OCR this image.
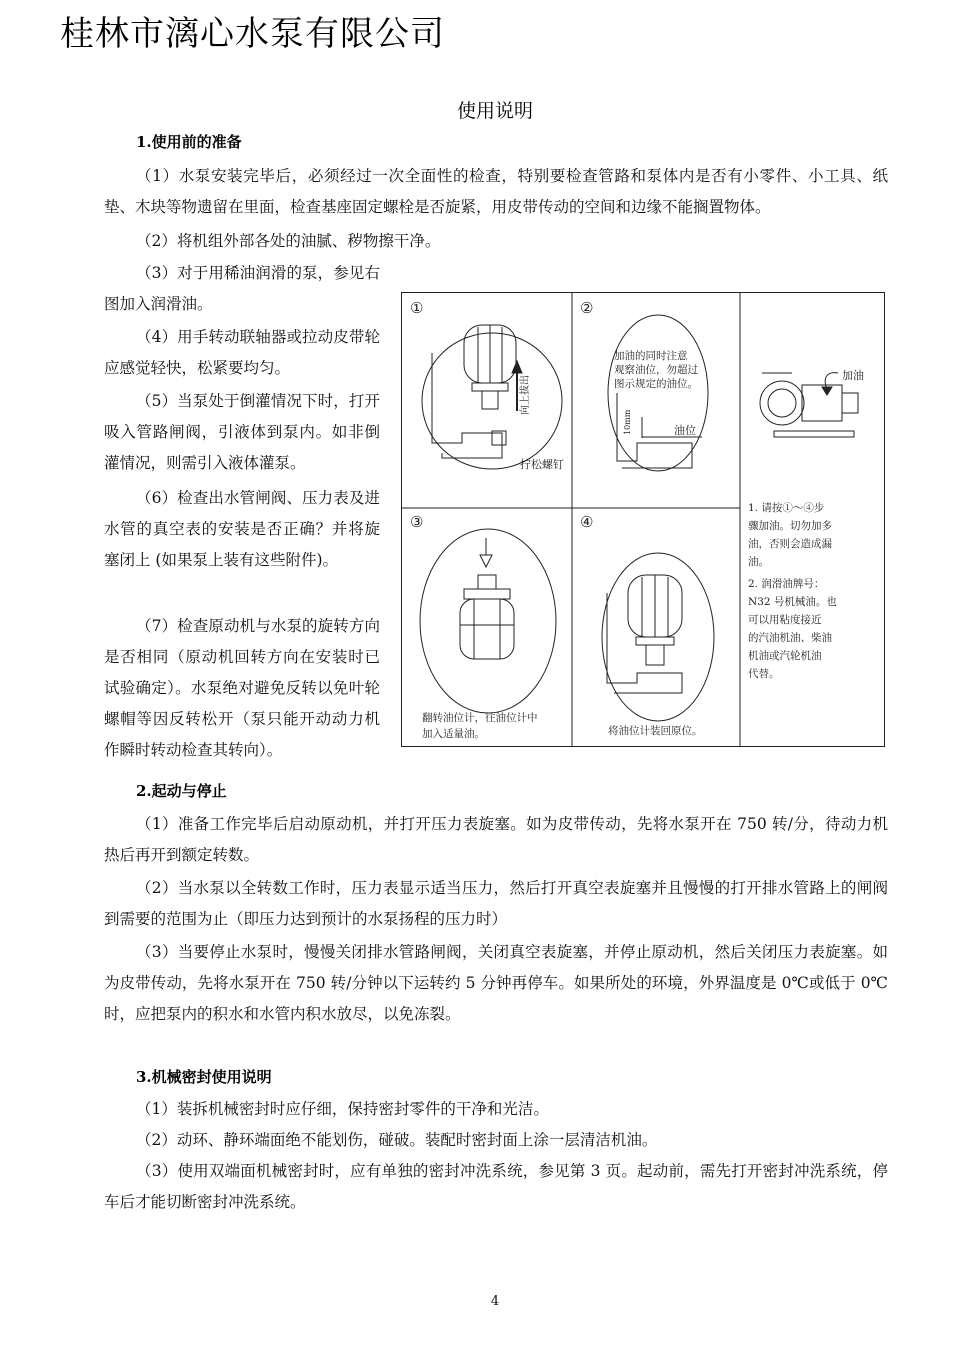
桂林市漓心水泵有限公司
使用说明
1.使用前的准备
（1）水泵安装完毕后，必须经过一次全面性的检查，特别要检查管路和泵体内是否有小零件、小工具、纸垫、木块等物遗留在里面，检查基座固定螺栓是否旋紧，用皮带传动的空间和边缘不能搁置物体。
（2）将机组外部各处的油腻、秽物擦干净。
（3）对于用稀油润滑的泵，参见右图加入润滑油。
（4）用手转动联轴器或拉动皮带轮应感觉轻快，松紧要均匀。
（5）当泵处于倒灌情况下时，打开吸入管路闸阀，引液体到泵内。如非倒灌情况，则需引入液体灌泵。
（6）检查出水管闸阀、压力表及进水管的真空表的安装是否正确？并将旋塞闭上 (如果泵上装有这些附件)。
（7）检查原动机与水泵的旋转方向是否相同（原动机回转方向在安装时已试验确定）。水泵绝对避免反转以免叶轮螺帽等因反转松开（泵只能开动动力机作瞬时转动检查其转向）。
①
向上拔出
拧松螺钉
②
加油的同时注意 观察油位，勿超过 图示规定的油位。
10mm	油位
加油
1. 请按①～④步 骤加油。切勿加多 油，否则会造成漏 油。 2. 润滑油牌号： N32 号机械油。也 可以用粘度接近 的汽油机油、柴油 机油或汽轮机油 代替。
③
翻转油位计，往油位计中 加入适量油。
④
将油位计装回原位。
2.起动与停止
（1）准备工作完毕后启动原动机，并打开压力表旋塞。如为皮带传动，先将水泵开在 750 转/分，待动力机热后再开到额定转数。
（2）当水泵以全转数工作时，压力表显示适当压力，然后打开真空表旋塞并且慢慢的打开排水管路上的闸阀到需要的范围为止（即压力达到预计的水泵扬程的压力时）
（3）当要停止水泵时，慢慢关闭排水管路闸阀，关闭真空表旋塞，并停止原动机，然后关闭压力表旋塞。如为皮带传动，先将水泵开在 750 转/分钟以下运转约 5 分钟再停车。如果所处的环境，外界温度是 0℃或低于 0℃时，应把泵内的积水和水管内积水放尽，以免冻裂。
3.机械密封使用说明
（1）装拆机械密封时应仔细，保持密封零件的干净和光洁。
（2）动环、静环端面绝不能划伤，碰破。装配时密封面上涂一层清洁机油。
（3）使用双端面机械密封时，应有单独的密封冲洗系统，参见第 3 页。起动前，需先打开密封冲洗系统，停车后才能切断密封冲洗系统。
4
